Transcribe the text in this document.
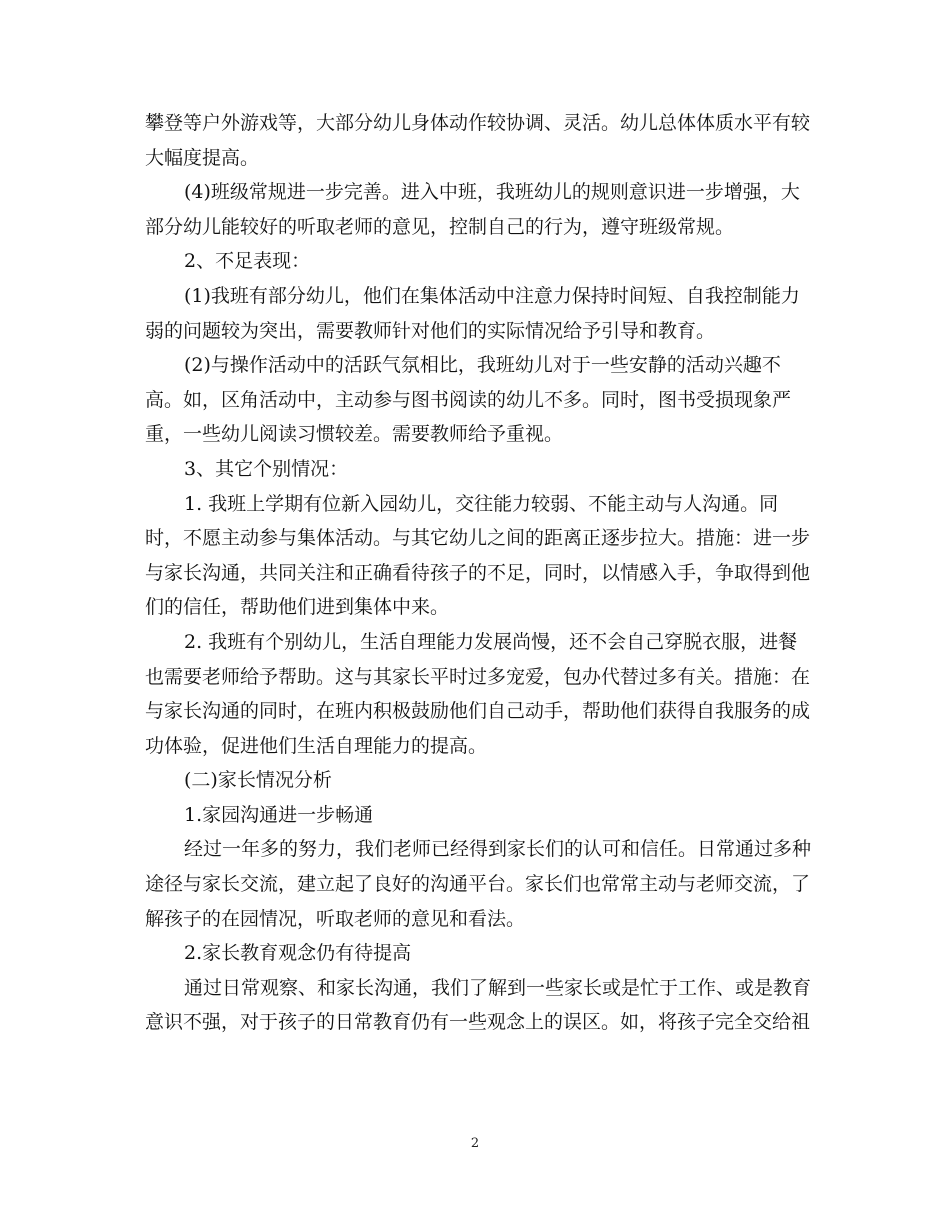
攀登等户外游戏等，大部分幼儿身体动作较协调、灵活。幼儿总体体质水平有较
大幅度提高。
(4)班级常规进一步完善。进入中班，我班幼儿的规则意识进一步增强，大
部分幼儿能较好的听取老师的意见，控制自己的行为，遵守班级常规。
2、不足表现：
(1)我班有部分幼儿，他们在集体活动中注意力保持时间短、自我控制能力
弱的问题较为突出，需要教师针对他们的实际情况给予引导和教育。
(2)与操作活动中的活跃气氛相比，我班幼儿对于一些安静的活动兴趣不
高。如，区角活动中，主动参与图书阅读的幼儿不多。同时，图书受损现象严
重，一些幼儿阅读习惯较差。需要教师给予重视。
3、其它个别情况：
1. 我班上学期有位新入园幼儿，交往能力较弱、不能主动与人沟通。同
时，不愿主动参与集体活动。与其它幼儿之间的距离正逐步拉大。措施：进一步
与家长沟通，共同关注和正确看待孩子的不足，同时，以情感入手，争取得到他
们的信任，帮助他们进到集体中来。
2. 我班有个别幼儿，生活自理能力发展尚慢，还不会自己穿脱衣服，进餐
也需要老师给予帮助。这与其家长平时过多宠爱，包办代替过多有关。措施：在
与家长沟通的同时，在班内积极鼓励他们自己动手，帮助他们获得自我服务的成
功体验，促进他们生活自理能力的提高。
(二)家长情况分析
1.家园沟通进一步畅通
经过一年多的努力，我们老师已经得到家长们的认可和信任。日常通过多种
途径与家长交流，建立起了良好的沟通平台。家长们也常常主动与老师交流，了
解孩子的在园情况，听取老师的意见和看法。
2.家长教育观念仍有待提高
通过日常观察、和家长沟通，我们了解到一些家长或是忙于工作、或是教育
意识不强，对于孩子的日常教育仍有一些观念上的误区。如，将孩子完全交给祖
2
